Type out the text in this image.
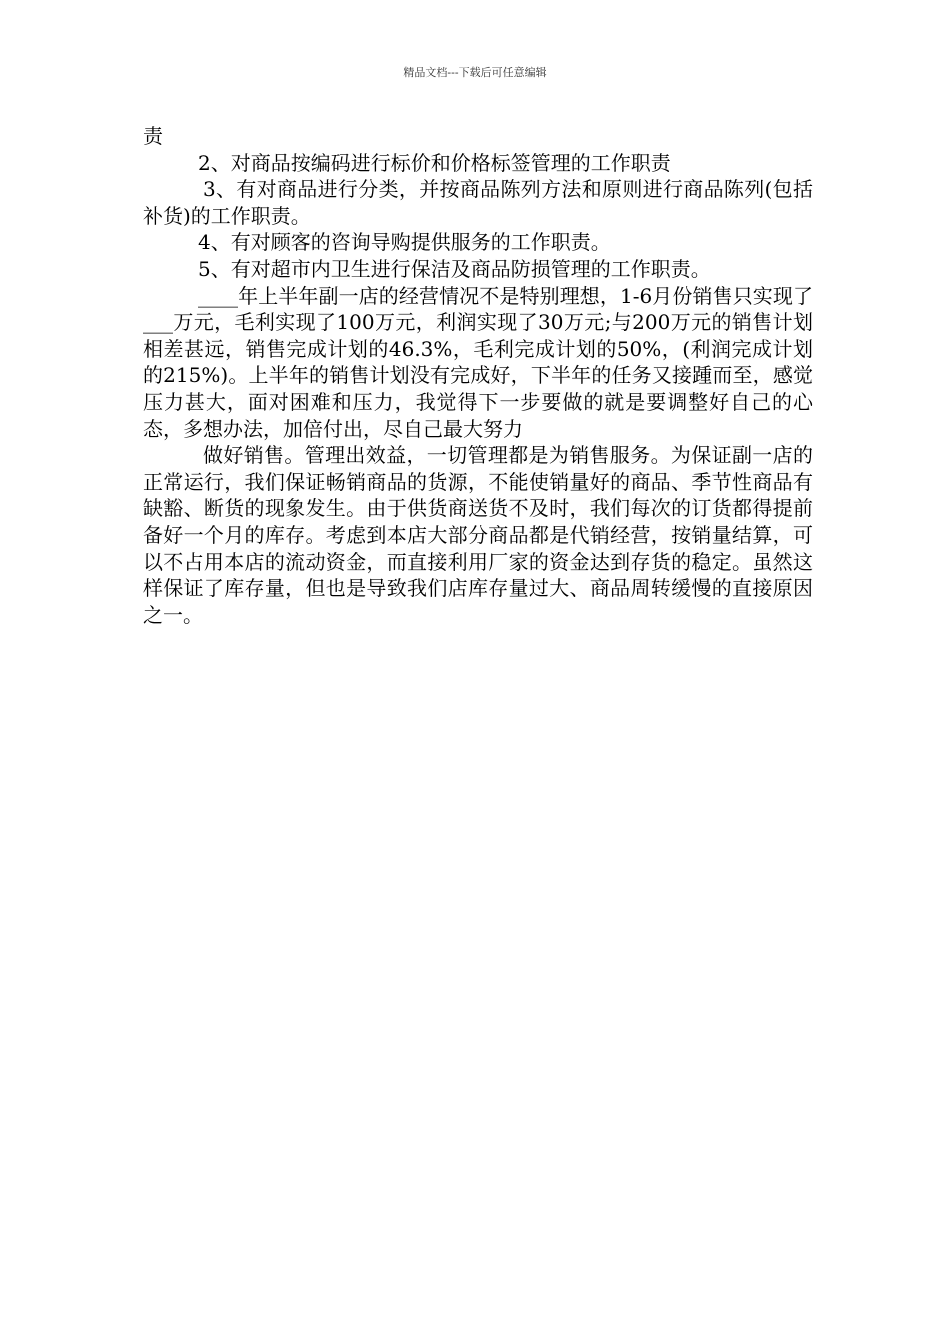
精品文档---下载后可任意编辑

责

2、对商品按编码进行标价和价格标签管理的工作职责

3、有对商品进行分类，并按商品陈列方法和原则进行商品陈列(包括补货)的工作职责。

4、有对顾客的咨询导购提供服务的工作职责。

5、有对超市内卫生进行保洁及商品防损管理的工作职责。

____年上半年副一店的经营情况不是特别理想，1-6月份销售只实现了___万元，毛利实现了100万元，利润实现了30万元;与200万元的销售计划相差甚远，销售完成计划的46.3%，毛利完成计划的50%，(利润完成计划的215%)。上半年的销售计划没有完成好，下半年的任务又接踵而至，感觉压力甚大，面对困难和压力，我觉得下一步要做的就是要调整好自己的心态，多想办法，加倍付出，尽自己最大努力

做好销售。管理出效益，一切管理都是为销售服务。为保证副一店的正常运行，我们保证畅销商品的货源，不能使销量好的商品、季节性商品有缺豁、断货的现象发生。由于供货商送货不及时，我们每次的订货都得提前备好一个月的库存。考虑到本店大部分商品都是代销经营，按销量结算，可以不占用本店的流动资金，而直接利用厂家的资金达到存货的稳定。虽然这样保证了库存量，但也是导致我们店库存量过大、商品周转缓慢的直接原因之一。
